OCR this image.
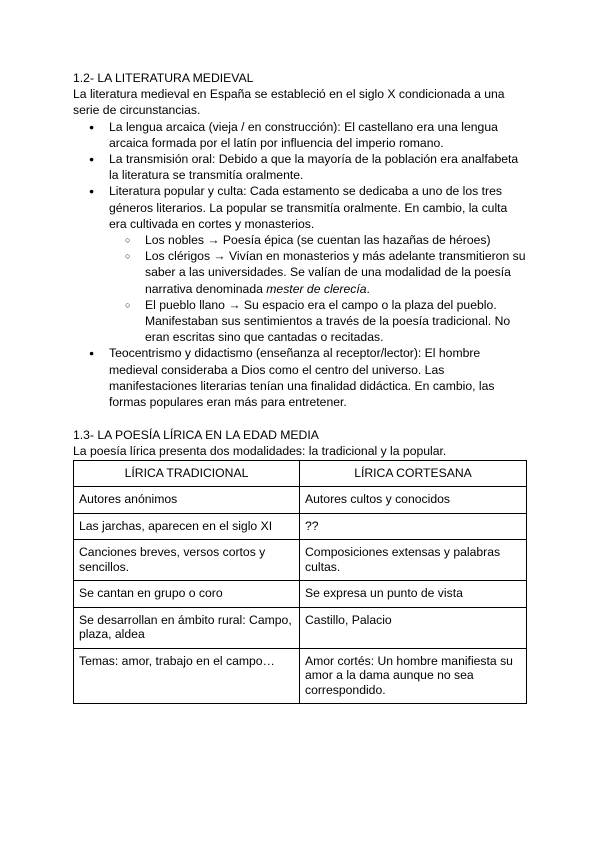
1.2- LA LITERATURA MEDIEVAL

La literatura medieval en España se estableció en el siglo X condicionada a una serie de circunstancias.

● La lengua arcaica (vieja / en construcción): El castellano era una lengua arcaica formada por el latín por influencia del imperio romano.
● La transmisión oral: Debido a que la mayoría de la población era analfabeta la literatura se transmitía oralmente.
● Literatura popular y culta: Cada estamento se dedicaba a uno de los tres géneros literarios. La popular se transmitía oralmente. En cambio, la culta era cultivada en cortes y monasterios.
○ Los nobles → Poesía épica (se cuentan las hazañas de héroes)
○ Los clérigos → Vivían en monasterios y más adelante transmitieron su saber a las universidades. Se valían de una modalidad de la poesía narrativa denominada mester de clerecía.
○ El pueblo llano → Su espacio era el campo o la plaza del pueblo. Manifestaban sus sentimientos a través de la poesía tradicional. No eran escritas sino que cantadas o recitadas.
● Teocentrismo y didactismo (enseñanza al receptor/lector): El hombre medieval consideraba a Dios como el centro del universo. Las manifestaciones literarias tenían una finalidad didáctica. En cambio, las formas populares eran más para entretener.

1.3- LA POESÍA LÍRICA EN LA EDAD MEDIA

La poesía lírica presenta dos modalidades: la tradicional y la popular.

LÍRICA TRADICIONAL	LÍRICA CORTESANA
Autores anónimos	Autores cultos y conocidos
Las jarchas, aparecen en el siglo XI	??
Canciones breves, versos cortos y sencillos.	Composiciones extensas y palabras cultas.
Se cantan en grupo o coro	Se expresa un punto de vista
Se desarrollan en ámbito rural: Campo, plaza, aldea	Castillo, Palacio
Temas: amor, trabajo en el campo…	Amor cortés: Un hombre manifiesta su amor a la dama aunque no sea correspondido.
